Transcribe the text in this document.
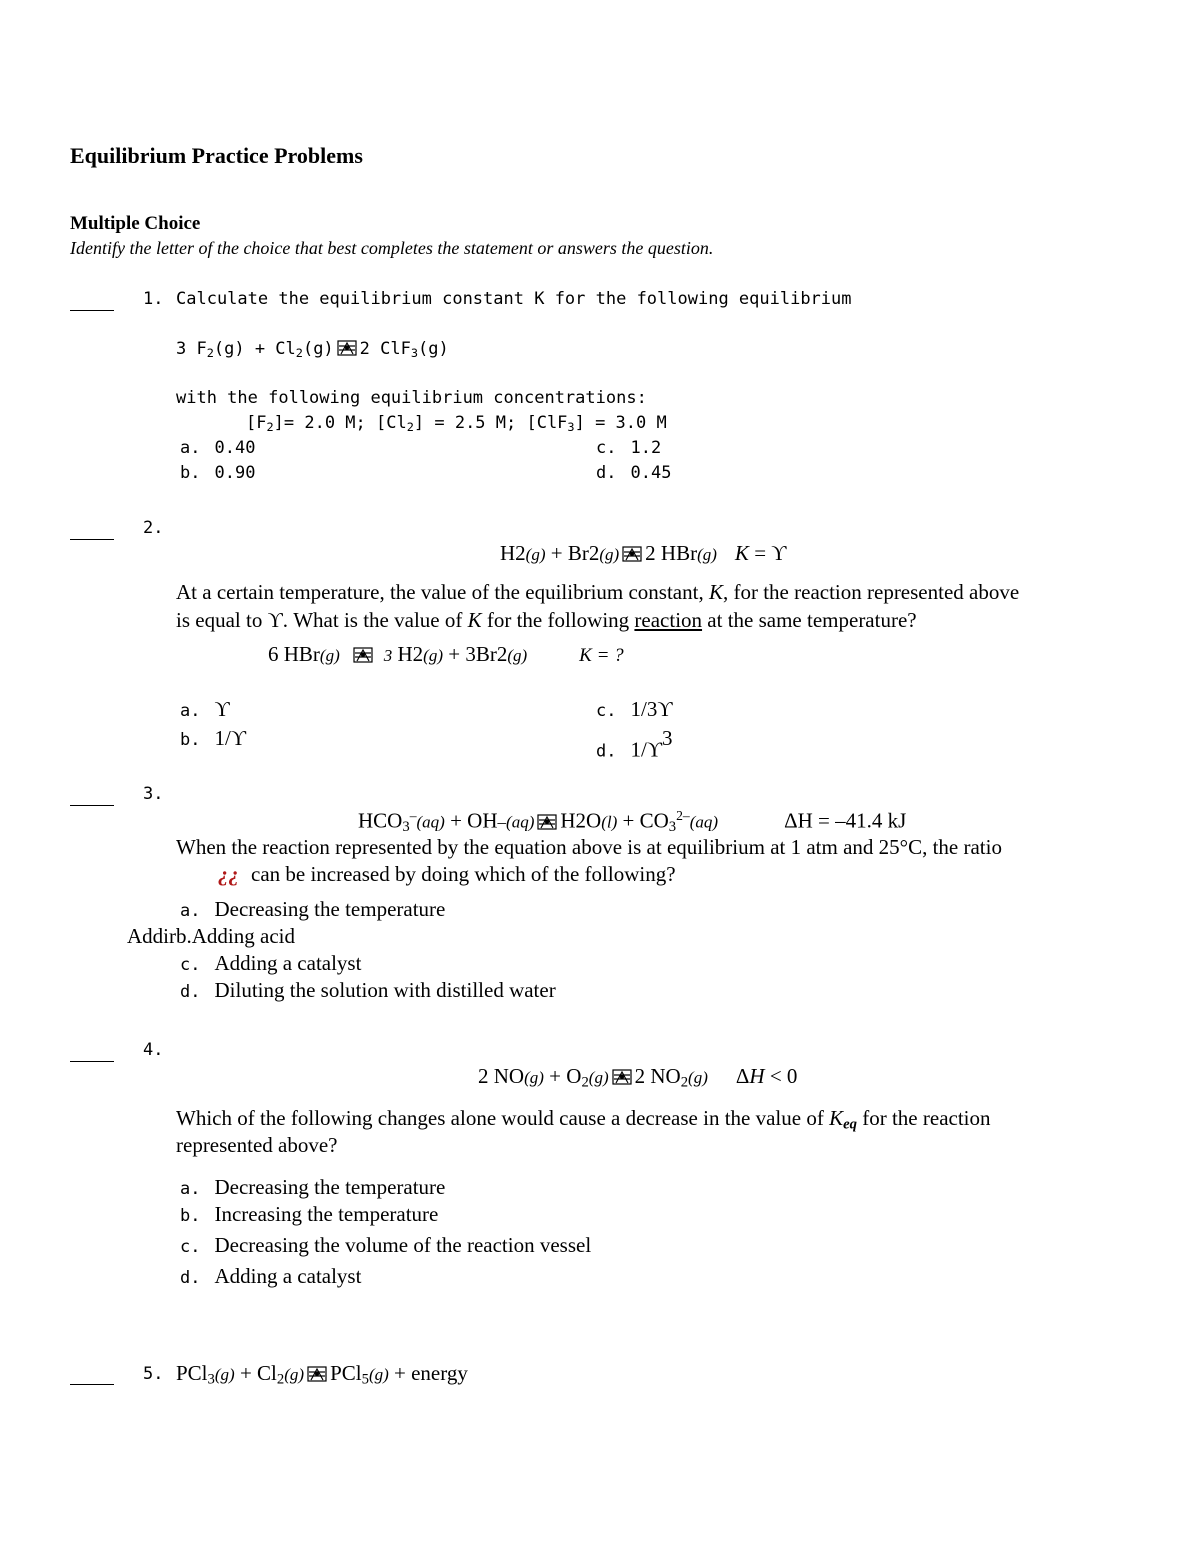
Equilibrium Practice Problems
Multiple Choice
Identify the letter of the choice that best completes the statement or answers the question.
1. Calculate the equilibrium constant K for the following equilibrium
3 $F_2(g) + Cl_2(g)$ 2 ClF$_3$(g)
with the following equilibrium concentrations:
$[F_2]= 2.0$ M; $[Cl_2] = 2.5$ M; [ClF$_3$] = 3.0 M
a. 0.40
b. 0.90
c. 1.2
d. 0.45
2.
H2(g) + Br2(g) 2 HBr(g) K = ϒ
At a certain temperature, the value of the equilibrium constant, K, for the reaction represented above
is equal to ϒ. What is the value of K for the following reaction at the same temperature?
6 HBr(g)	3 H2(g) + 3Br2(g)	K = ?
a. ϒ
b. 1/ϒ
c. 1/3ϒ
d. $1/ϒ^3$
3.
$HCO_3^-(aq) + OH-(aq) H2O(l) + CO_3^{2-}(aq)$	ΔH = –41.4 kJ
When the reaction represented by the equation above is at equilibrium at 1 atm and 25°C, the ratio
¿¿ can be increased by doing which of the following?
a. Decreasing the temperature
Addirb.Adding acid
c. Adding a catalyst
d. Diluting the solution with distilled water
4.
2 $NO(g) + O_2(g)$ 2 $NO_2(g) \Delta H < 0$
Which of the following changes alone would cause a decrease in the value of $K_{eq}$ for the reaction
represented above?
a. Decreasing the temperature
b. Increasing the temperature
c. Decreasing the volume of the reaction vessel
d. Adding a catalyst
5. $PCl_3(g) + Cl_2(g) PCl_5(g)$ + energy
